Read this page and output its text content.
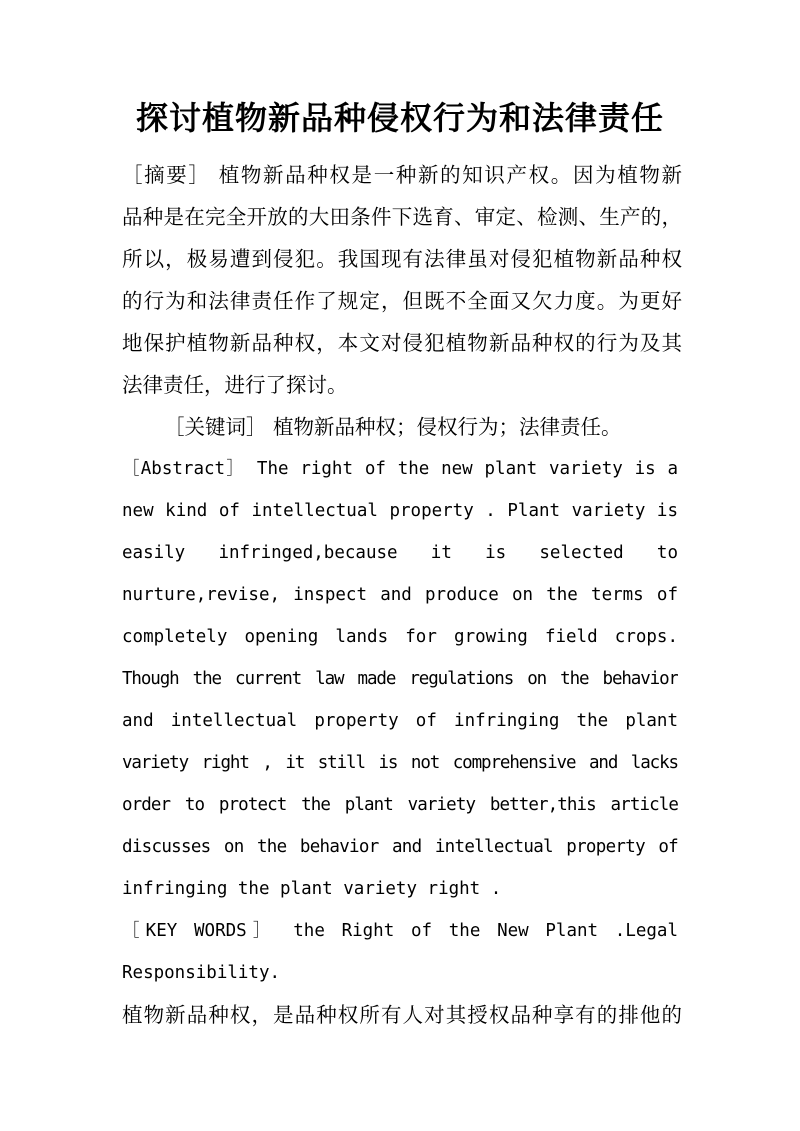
探讨植物新品种侵权行为和法律责任
［摘要］ 植物新品种权是一种新的知识产权。因为植物新
品种是在完全开放的大田条件下选育、审定、检测、生产的，
所以，极易遭到侵犯。我国现有法律虽对侵犯植物新品种权
的行为和法律责任作了规定，但既不全面又欠力度。为更好
地保护植物新品种权，本文对侵犯植物新品种权的行为及其
法律责任，进行了探讨。
［关键词］ 植物新品种权；侵权行为；法律责任。
［Abstract］ The right of the new plant variety is a
new kind of intellectual property . Plant variety is
easily infringed,because it is selected to
nurture,revise, inspect and produce on the terms of
completely opening lands for growing field crops.
Though the current law made regulations on the behavior
and intellectual property of infringing the plant
variety right , it still is not comprehensive and lacks
order to protect the plant variety better,this article
discusses on the behavior and intellectual property of
infringing the plant variety right .
［KEY WORDS］ the Right of the New Plant .Legal
Responsibility.
植物新品种权，是品种权所有人对其授权品种享有的排他的
